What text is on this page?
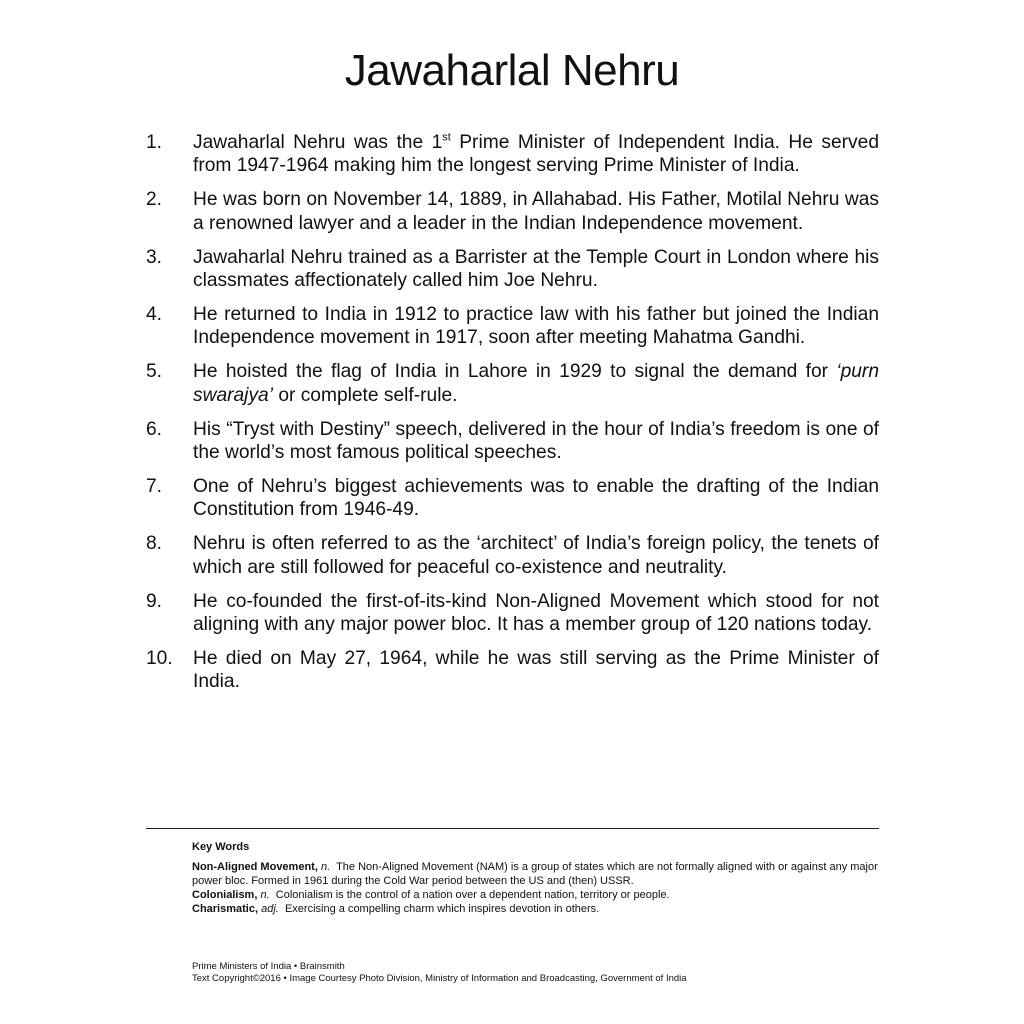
Jawaharlal Nehru
1. Jawaharlal Nehru was the 1st Prime Minister of Independent India. He served from 1947-1964 making him the longest serving Prime Minister of India.
2. He was born on November 14, 1889, in Allahabad. His Father, Motilal Nehru was a renowned lawyer and a leader in the Indian Independence movement.
3. Jawaharlal Nehru trained as a Barrister at the Temple Court in London where his classmates affectionately called him Joe Nehru.
4. He returned to India in 1912 to practice law with his father but joined the Indian Independence movement in 1917, soon after meeting Mahatma Gandhi.
5. He hoisted the flag of India in Lahore in 1929 to signal the demand for ‘purn swarajya’ or complete self-rule.
6. His “Tryst with Destiny” speech, delivered in the hour of India’s freedom is one of the world’s most famous political speeches.
7. One of Nehru’s biggest achievements was to enable the drafting of the Indian Constitution from 1946-49.
8. Nehru is often referred to as the ‘architect’ of India’s foreign policy, the tenets of which are still followed for peaceful co-existence and neutrality.
9. He co-founded the first-of-its-kind Non-Aligned Movement which stood for not aligning with any major power bloc. It has a member group of 120 nations today.
10. He died on May 27, 1964, while he was still serving as the Prime Minister of India.
Key Words

Non-Aligned Movement, n. The Non-Aligned Movement (NAM) is a group of states which are not formally aligned with or against any major power bloc. Formed in 1961 during the Cold War period between the US and (then) USSR.

Colonialism, n. Colonialism is the control of a nation over a dependent nation, territory or people.

Charismatic, adj. Exercising a compelling charm which inspires devotion in others.

Prime Ministers of India • Brainsmith
Text Copyright©2016 • Image Courtesy Photo Division, Ministry of Information and Broadcasting, Government of India
